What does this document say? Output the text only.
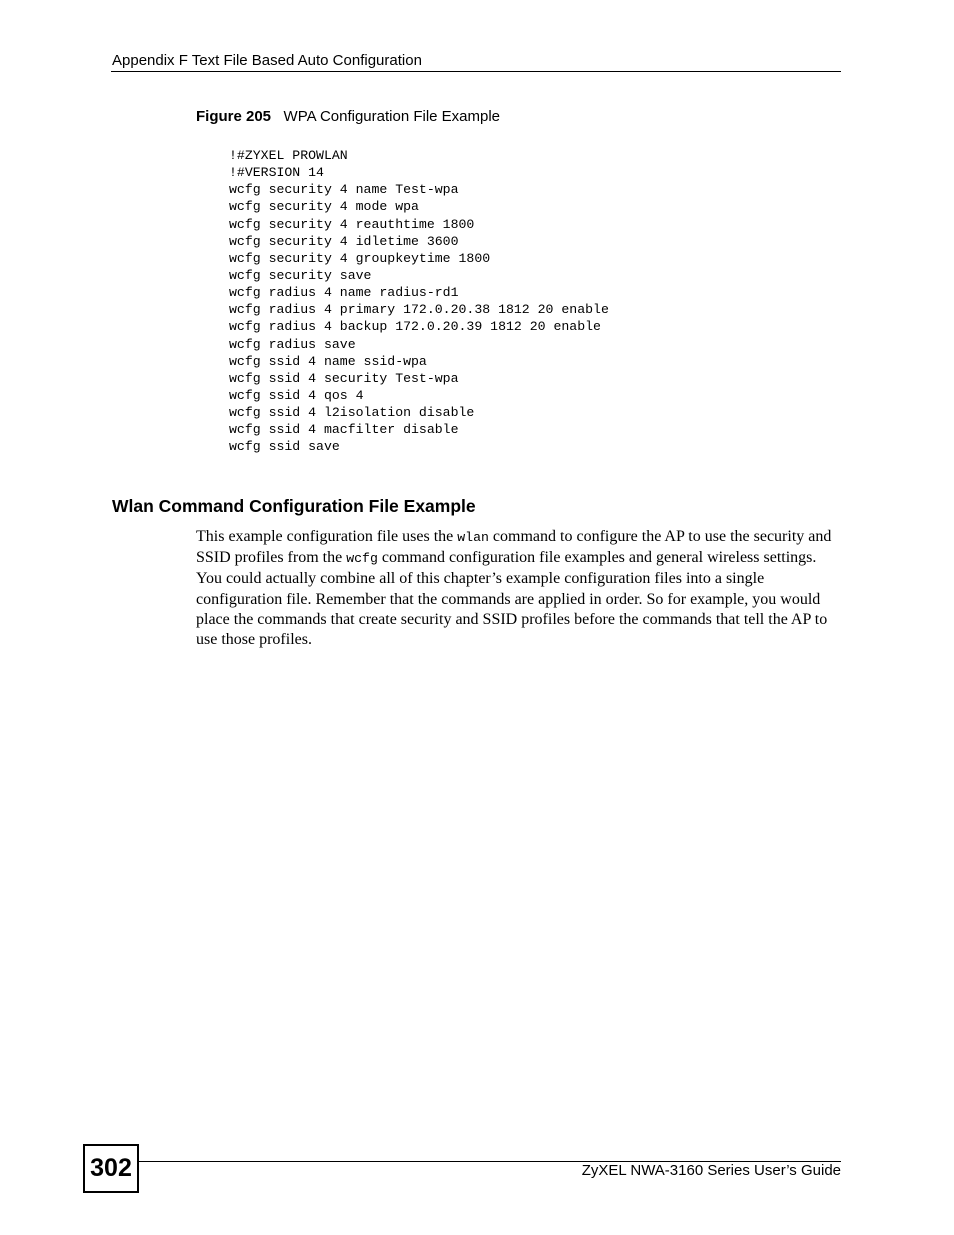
Appendix F Text File Based Auto Configuration
Figure 205 WPA Configuration File Example
!#ZYXEL PROWLAN
!#VERSION 14
wcfg security 4 name Test-wpa
wcfg security 4 mode wpa
wcfg security 4 reauthtime 1800
wcfg security 4 idletime 3600
wcfg security 4 groupkeytime 1800
wcfg security save
wcfg radius 4 name radius-rd1
wcfg radius 4 primary 172.0.20.38 1812 20 enable
wcfg radius 4 backup 172.0.20.39 1812 20 enable
wcfg radius save
wcfg ssid 4 name ssid-wpa
wcfg ssid 4 security Test-wpa
wcfg ssid 4 qos 4
wcfg ssid 4 l2isolation disable
wcfg ssid 4 macfilter disable
wcfg ssid save
Wlan Command Configuration File Example

This example configuration file uses the wlan command to configure the AP to use the security and SSID profiles from the wcfg command configuration file examples and general wireless settings. You could actually combine all of this chapter’s example configuration files into a single configuration file. Remember that the commands are applied in order. So for example, you would place the commands that create security and SSID profiles before the commands that tell the AP to use those profiles.

302	ZyXEL NWA-3160 Series User’s Guide
